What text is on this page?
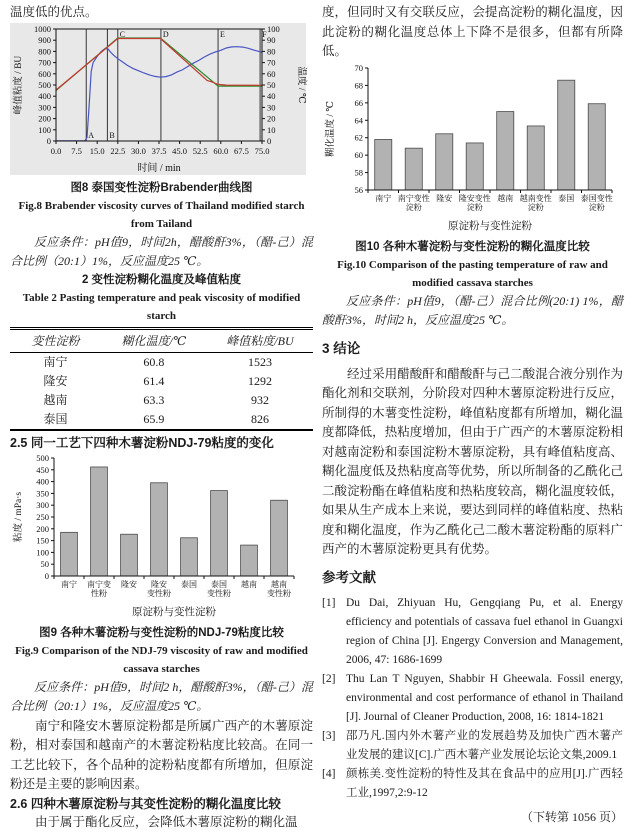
温度低的优点。

A B
C	D	E	F
0
100
200
300
400
500
600
700
800
900
1000
0
10
20
30
40
50
60
70
80
90
100
0.0 7.5 15.0 22.5 30.0 37.5 45.0 52.5 60.0 67.5 75.0
峰值粘度 / BU	温度 / ℃
时间 / min
图8 泰国变性淀粉Brabender曲线图
Fig.8 Brabender viscosity curves of Thailand modified starch
from Tailand

反应条件：pH值9，时间2h，醋酸酐3%，（醋-己）混合比例（20:1）1%，反应温度25 ℃。

2 变性淀粉糊化温度及峰值粘度
Table 2 Pasting temperature and peak viscosity of modified
starch
变性淀粉	糊化温度/℃	峰值粘度/BU
南宁	60.8	1523
隆安	61.4	1292
越南	63.3	932
泰国	65.9	826
2.5 同一工艺下四种木薯淀粉NDJ-79粘度的变化
0
50
100
150
200
250
300
350
400
450
500
南宁 南宁变
性粉
隆安 隆安
变性粉
泰国 泰国
变性粉
越南 越南
变性粉
粘度 / mPa·s
原淀粉与变性淀粉
图9 各种木薯淀粉与变性淀粉的NDJ-79粘度比较
Fig.9 Comparison of the NDJ-79 viscosity of raw and modified
cassava starches

反应条件：pH值9，时间2 h，醋酸酐3%，（醋-己）混合比例（20:1）1%，反应温度25 ℃。

南宁和隆安木薯原淀粉都是所属广西产的木薯原淀粉，相对泰国和越南产的木薯淀粉粘度比较高。在同一工艺比较下，各个品种的淀粉粘度都有所增加，但原淀粉还是主要的影响因素。

2.6 四种木薯原淀粉与其变性淀粉的糊化温度比较

由于属于酯化反应，会降低木薯原淀粉的糊化温

度，但同时又有交联反应，会提高淀粉的糊化温度，因此淀粉的糊化温度总体上下降不是很多，但都有所降低。

56
58
60
62
64
66
68
70
南宁 南宁变性
淀粉
隆安 隆安变性
淀粉
越南 越南变性
淀粉
泰国 泰国变性
淀粉
糊化温度 / ℃
原淀粉与变性淀粉
图10 各种木薯淀粉与变性淀粉的糊化温度比较
Fig.10 Comparison of the pasting temperature of raw and
modified cassava starches

反应条件：pH值9，（醋-己）混合比例(20:1) 1%，醋酸酐3%，时间2 h，反应温度25 ℃。

3 结论

经过采用醋酸酐和醋酸酐与己二酸混合液分别作为酯化剂和交联剂，分阶段对四种木薯原淀粉进行反应，所制得的木薯变性淀粉，峰值粘度都有所增加，糊化温度都降低，热粘度增加，但由于广西产的木薯原淀粉相对越南淀粉和泰国淀粉木薯原淀粉，具有峰值粘度高、糊化温度低及热粘度高等优势，所以所制备的乙酰化己二酸淀粉酯在峰值粘度和热粘度较高，糊化温度较低，如果从生产成本上来说，要达到同样的峰值粘度、热粘度和糊化温度，作为乙酰化己二酸木薯淀粉酯的原料广西产的木薯原淀粉更具有优势。

参考文献
[1] Du Dai, Zhiyuan Hu, Gengqiang Pu, et al. Energy efficiency and potentials of cassava fuel ethanol in Guangxi region of China [J]. Engergy Conversion and Management, 2006, 47: 1686-1699
[2] Thu Lan T Nguyen, Shabbir H Gheewala. Fossil energy, environmental and cost performance of ethanol in Thailand [J]. Journal of Cleaner Production, 2008, 16: 1814-1821
[3] 邵乃凡.国内外木薯产业的发展趋势及加快广西木薯产业发展的建议[C].广西木薯产业发展论坛论文集,2009.1
[4] 颜栋美.变性淀粉的特性及其在食品中的应用[J].广西轻工业,1997,2:9-12
（下转第 1056 页）
